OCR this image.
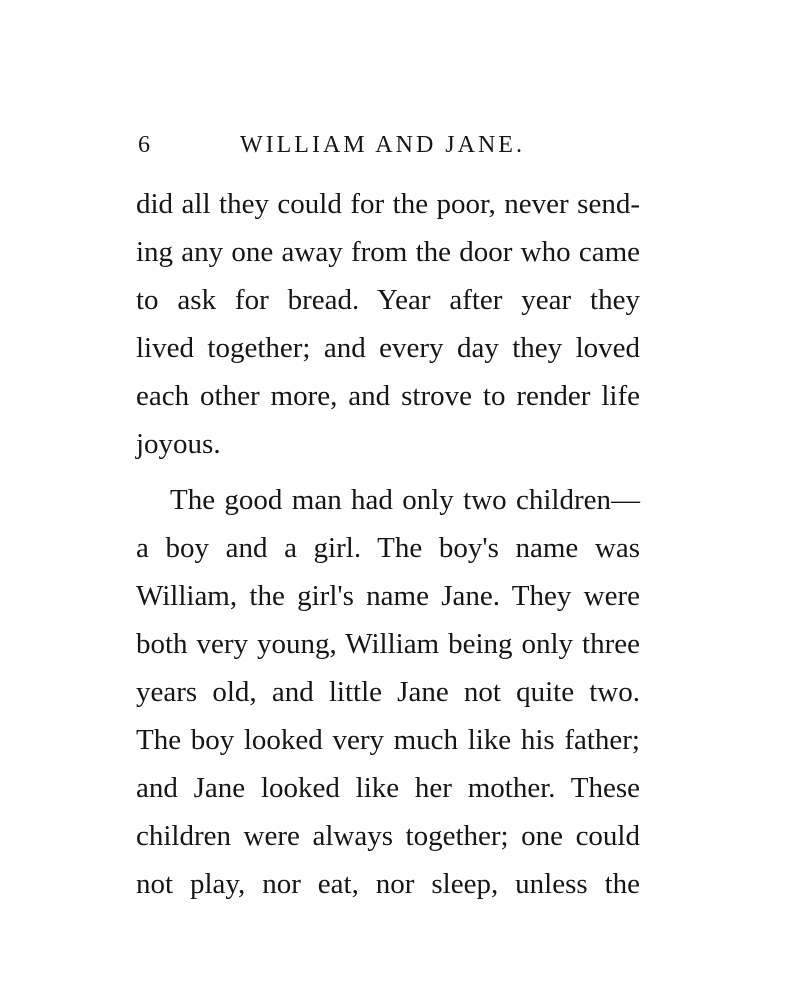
6	WILLIAM AND JANE.
did all they could for the poor, never send-
ing any one away from the door who came
to ask for bread. Year after year they
lived together; and every day they loved
each other more, and strove to render life
joyous.
The good man had only two children—
a boy and a girl. The boy's name was
William, the girl's name Jane. They were
both very young, William being only three
years old, and little Jane not quite two.
The boy looked very much like his father;
and Jane looked like her mother. These
children were always together; one could
not play, nor eat, nor sleep, unless the
